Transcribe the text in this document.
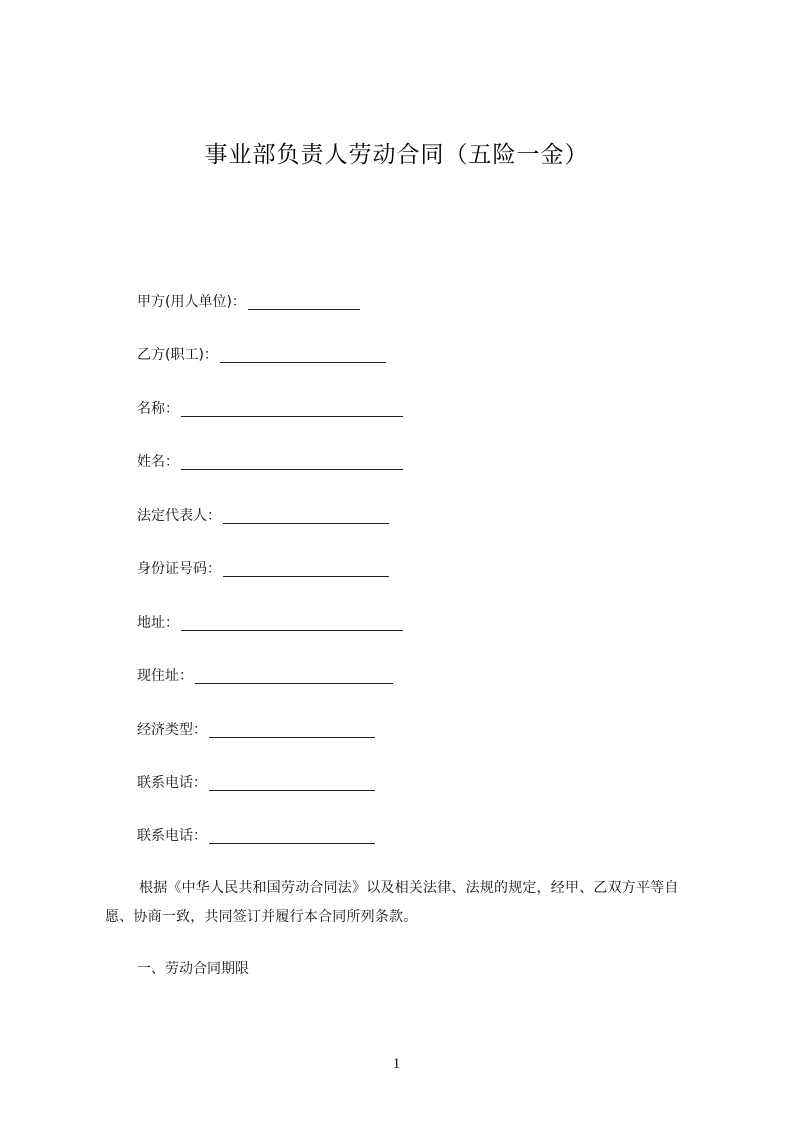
事业部负责人劳动合同（五险一金）
甲方(用人单位)：
乙方(职工)：
名称：
姓名：
法定代表人：
身份证号码：
地址：
现住址：
经济类型：
联系电话：
联系电话：
根据《中华人民共和国劳动合同法》以及相关法律、法规的规定，经甲、乙双方平等自愿、协商一致，共同签订并履行本合同所列条款。
一、劳动合同期限
1
